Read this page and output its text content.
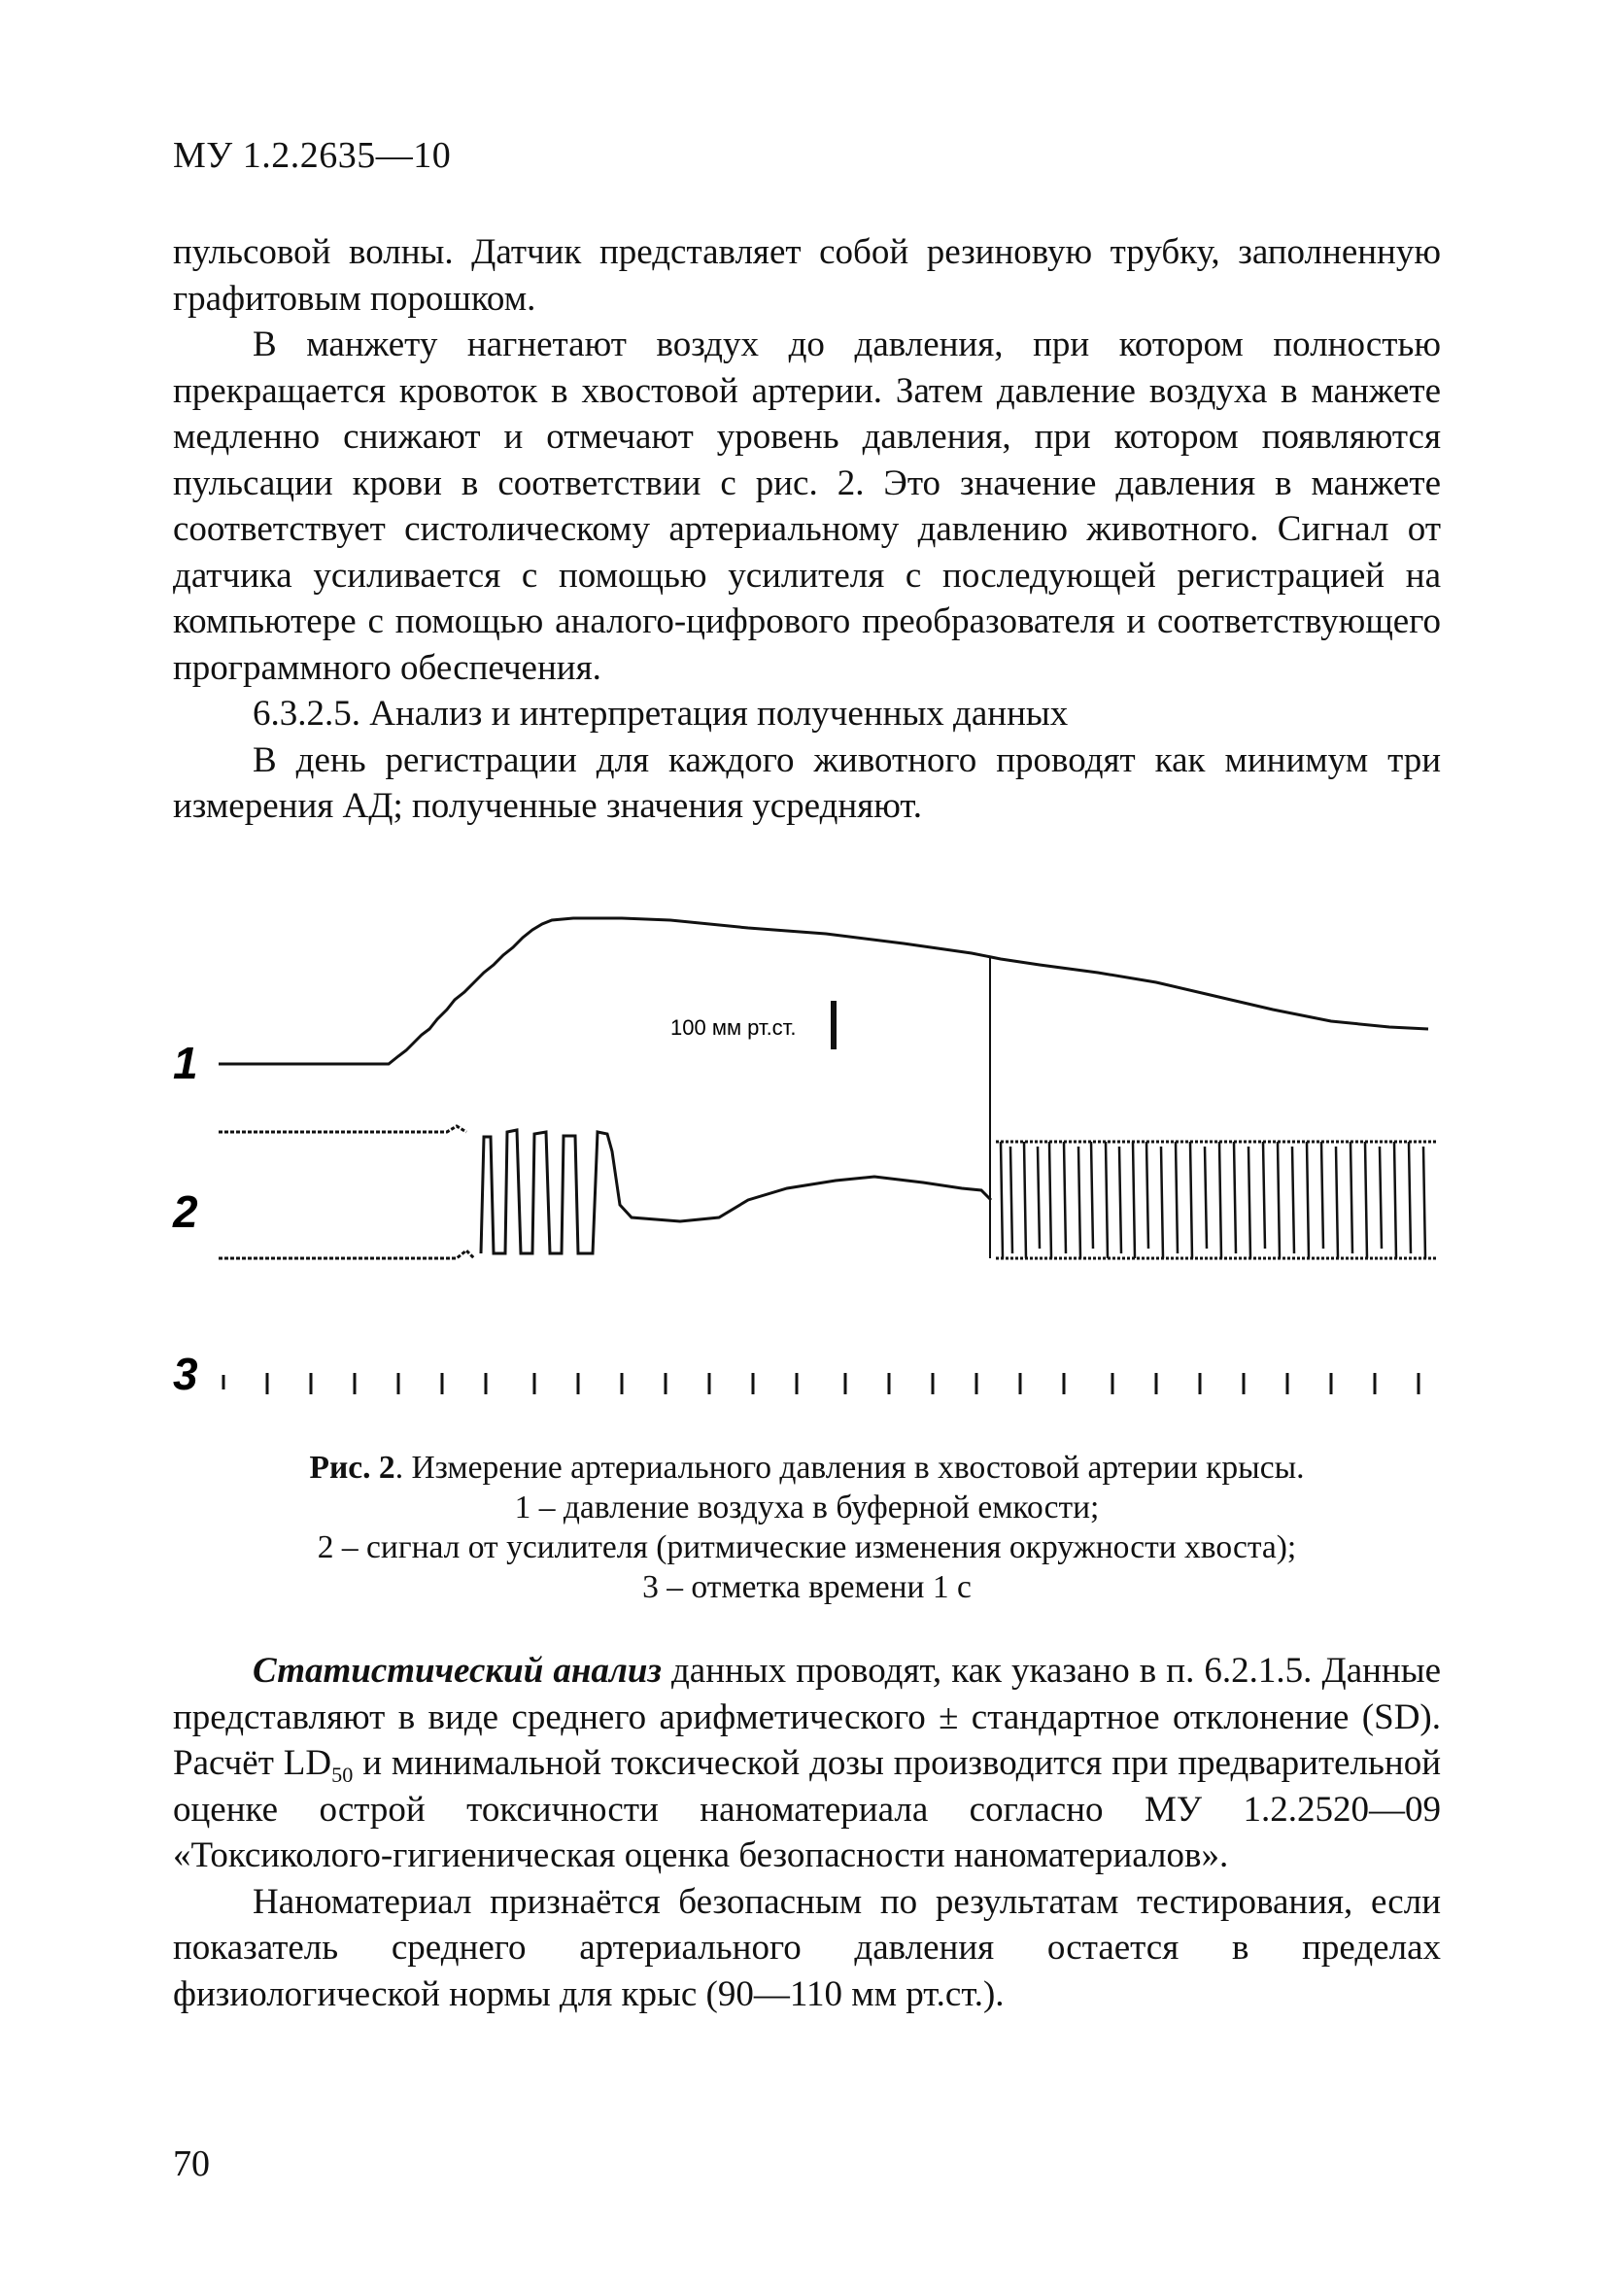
МУ 1.2.2635—10

пульсовой волны. Датчик представляет собой резиновую трубку, заполненную графитовым порошком.

В манжету нагнетают воздух до давления, при котором полностью прекращается кровоток в хвостовой артерии. Затем давление воздуха в манжете медленно снижают и отмечают уровень давления, при котором появляются пульсации крови в соответствии с рис. 2. Это значение давления в манжете соответствует систолическому артериальному давлению животного. Сигнал от датчика усиливается с помощью усилителя с последующей регистрацией на компьютере с помощью аналого-цифрового преобразователя и соответствующего программного обеспечения.

6.3.2.5. Анализ и интерпретация полученных данных

В день регистрации для каждого животного проводят как минимум три измерения АД; полученные значения усредняют.

1
2
3
100 мм рт.ст.

Рис. 2. Измерение артериального давления в хвостовой артерии крысы.

1 – давление воздуха в буферной емкости;

2 – сигнал от усилителя (ритмические изменения окружности хвоста);

3 – отметка времени 1 с

Статистический анализ данных проводят, как указано в п. 6.2.1.5. Данные представляют в виде среднего арифметического ± стандартное отклонение (SD). Расчёт $LD_{50}$ и минимальной токсической дозы производится при предварительной оценке острой токсичности наноматериала согласно МУ 1.2.2520—09 «Токсиколого-гигиеническая оценка безопасности наноматериалов».

Наноматериал признаётся безопасным по результатам тестирования, если показатель среднего артериального давления остается в пределах физиологической нормы для крыс (90—110 мм рт.ст.).

70
